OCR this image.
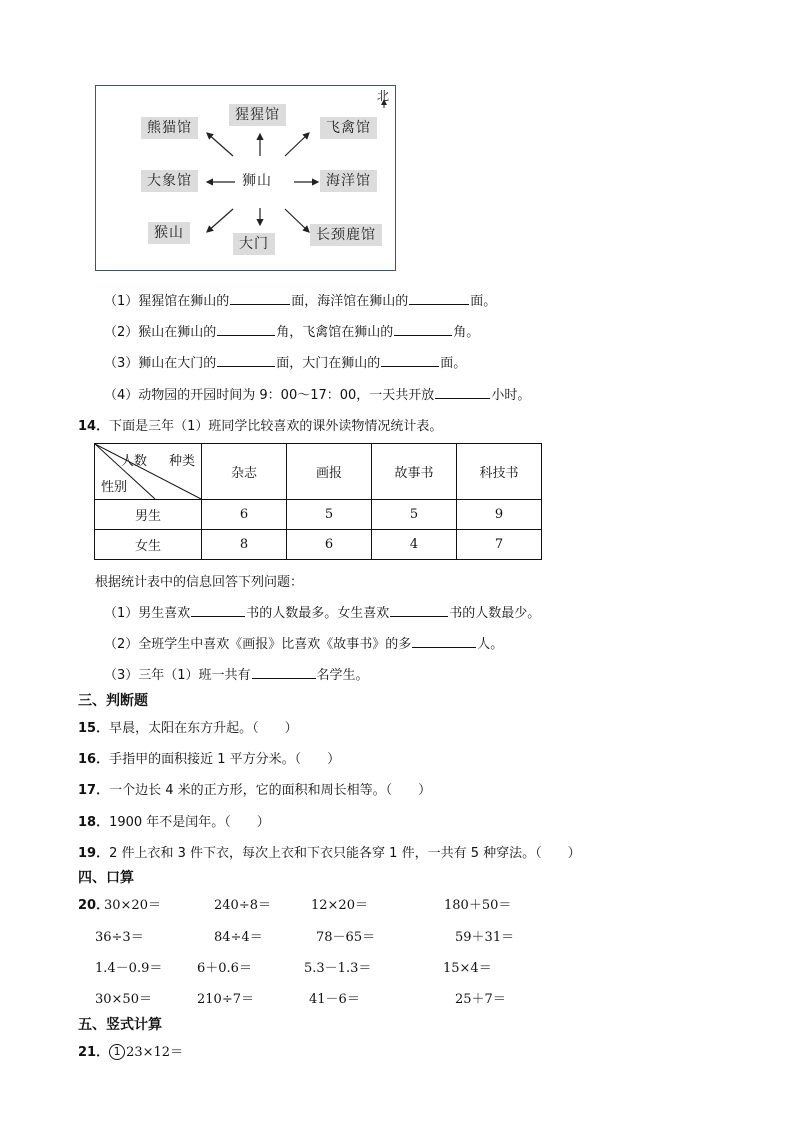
北
熊猫馆
猩猩馆
飞禽馆
大象馆	狮山	海洋馆
猴山
大门
长颈鹿馆
（1）猩猩馆在狮山的	面，海洋馆在狮山的	面。
（2）猴山在狮山的	角，飞禽馆在狮山的	角。
（3）狮山在大门的	面，大门在狮山的	面。
（4）动物园的开园时间为 9：00～17：00，一天共开放	小时。
14．下面是三年（1）班同学比较喜欢的课外读物情况统计表。
人数 种类
性别	杂志	画报	故事书	科技书
男生	6	5	5	9
女生	8	6	4	7
根据统计表中的信息回答下列问题：
（1）男生喜欢	书的人数最多。女生喜欢	书的人数最少。
（2）全班学生中喜欢《画报》比喜欢《故事书》的多	人。
（3）三年（1）班一共有	名学生。
三、判断题
15．早晨，太阳在东方升起。（　　）
16．手指甲的面积接近 1 平方分米。（　　）
17．一个边长 4 米的正方形，它的面积和周长相等。（　　）
18．1900 年不是闰年。（　　）
19．2 件上衣和 3 件下衣，每次上衣和下衣只能各穿 1 件，一共有 5 种穿法。（　　）
四、口算
20．
30×20＝	240÷8＝	12×20＝	180＋50＝
36÷3＝	84÷4＝	78－65＝	59＋31＝
1.4－0.9＝	6＋0.6＝	5.3－1.3＝	15×4＝
30×50＝	210÷7＝	41－6＝	25＋7＝
五、竖式计算
21． 1 23×12＝
